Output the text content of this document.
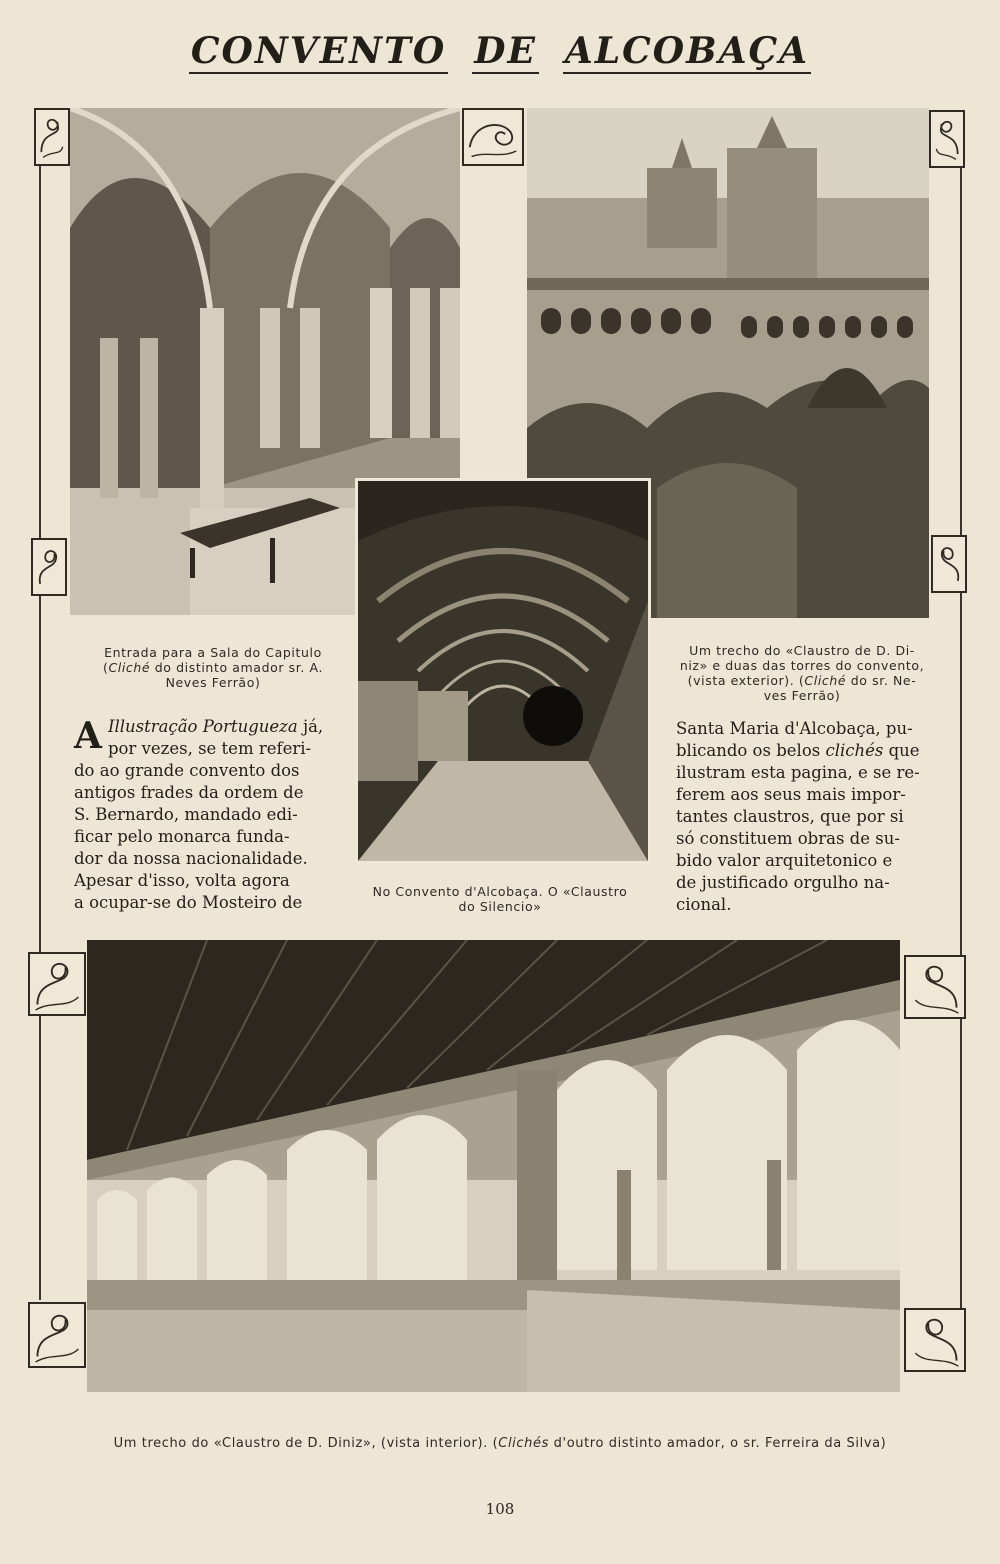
CONVENTO DE ALCOBAÇA
Entrada para a Sala do Capitulo
(Cliché do distinto amador sr. A.
Neves Ferrão)
Um trecho do «Claustro de D. Di-
niz» e duas das torres do convento,
(vista exterior). (Cliché do sr. Ne-
ves Ferrão)
No Convento d'Alcobaça. O «Claustro
do Silencio»
Um trecho do «Claustro de D. Diniz», (vista interior). (Clichés d'outro distinto amador, o sr. Ferreira da Silva)
A Illustração Portugueza já,
por vezes, se tem referi-
do ao grande convento dos
antigos frades da ordem de
S. Bernardo, mandado edi-
ficar pelo monarca funda-
dor da nossa nacionalidade.
Apesar d'isso, volta agora
a ocupar-se do Mosteiro de
Santa Maria d'Alcobaça, pu-
blicando os belos clichés que
ilustram esta pagina, e se re-
ferem aos seus mais impor-
tantes claustros, que por si
só constituem obras de su-
bido valor arquitetonico e
de justificado orgulho na-
cional.
108
